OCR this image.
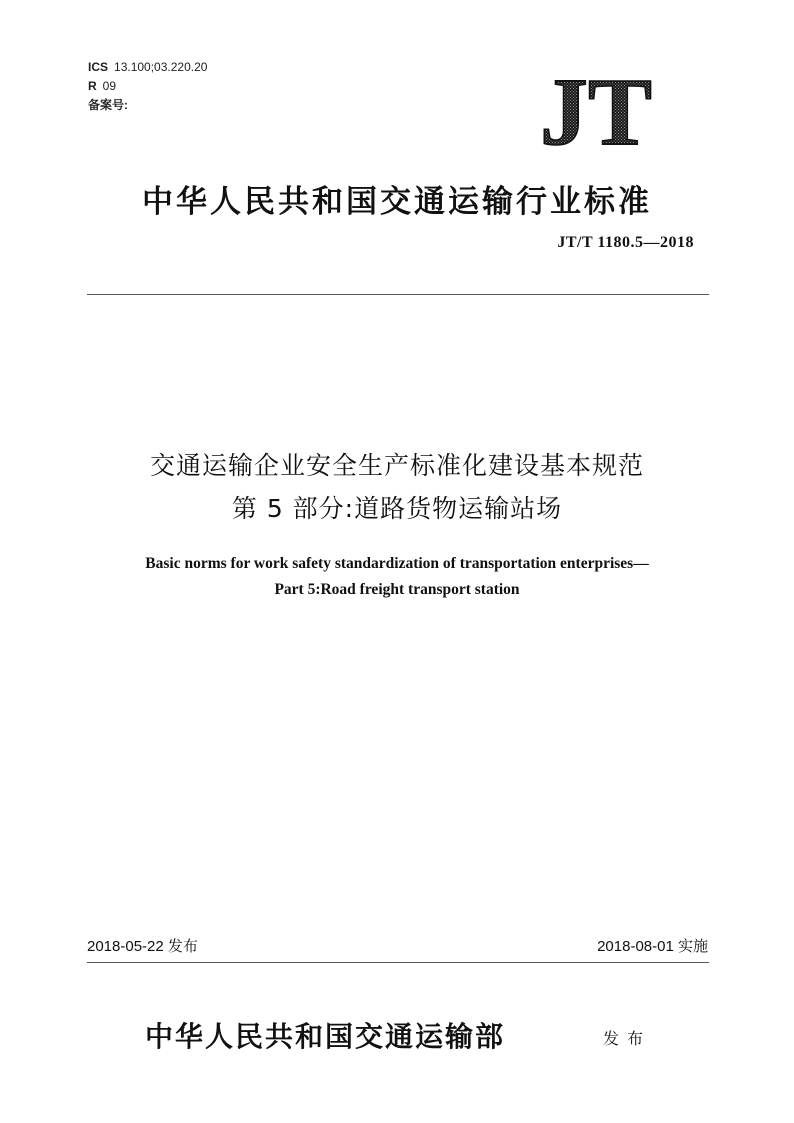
ICS 13.100;03.220.20
R 09
备案号:	JT
中华人民共和国交通运输行业标准
JT/T 1180.5—2018
交通运输企业安全生产标准化建设基本规范
第 5 部分:道路货物运输站场
Basic norms for work safety standardization of transportation enterprises—
Part 5:Road freight transport station
2018-05-22 发布	2018-08-01 实施
中华人民共和国交通运输部	发布
